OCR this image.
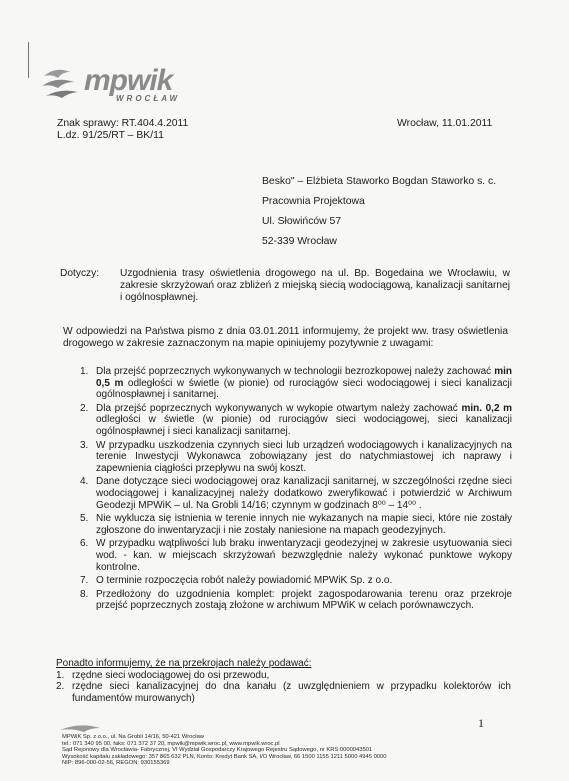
mpwik
WROCŁAW
Znak sprawy: RT.404.4.2011
L.dz. 91/25/RT – BK/11
Wrocław, 11.01.2011
Besko" – Elżbieta Staworko Bogdan Staworko s. c.
Pracownia Projektowa
Ul. Słowińców 57
52-339 Wrocław
Dotyczy: Uzgodnienia trasy oświetlenia drogowego na ul. Bp. Bogedaina we Wrocławiu, w zakresie skrzyżowań oraz zbliżeń z miejską siecią wodociągową, kanalizacji sanitarnej i ogólnospławnej.
W odpowiedzi na Państwa pismo z dnia 03.01.2011 informujemy, że projekt ww. trasy oświetlenia drogowego w zakresie zaznaczonym na mapie opiniujemy pozytywnie z uwagami:
1. Dla przejść poprzecznych wykonywanych w technologii bezrozkopowej należy zachować min 0,5 m odległości w świetle (w pionie) od rurociągów sieci wodociągowej i sieci kanalizacji ogólnospławnej i sanitarnej.
2. Dla przejść poprzecznych wykonywanych w wykopie otwartym należy zachować min. 0,2 m odległości w świetle (w pionie) od rurociągów sieci wodociągowej, sieci kanalizacji ogólnospławnej i sieci kanalizacji sanitarnej.
3. W przypadku uszkodzenia czynnych sieci lub urządzeń wodociągowych i kanalizacyjnych na terenie Inwestycji Wykonawca zobowiązany jest do natychmiastowej ich naprawy i zapewnienia ciągłości przepływu na swój koszt.
4. Dane dotyczące sieci wodociągowej oraz kanalizacji sanitarnej, w szczególności rzędne sieci wodociągowej i kanalizacyjnej należy dodatkowo zweryfikować i potwierdzić w Archiwum Geodezji MPWiK – ul. Na Grobli 14/16; czynnym w godzinach 8⁰⁰ – 14⁰⁰ .
5. Nie wyklucza się istnienia w terenie innych nie wykazanych na mapie sieci, które nie zostały zgłoszone do inwentaryzacji i nie zostały naniesione na mapach geodezyjnych.
6. W przypadku wątpliwości lub braku inwentaryzacji geodezyjnej w zakresie usytuowania sieci wod. - kan. w miejscach skrzyżowań bezwzględnie należy wykonać punktowe wykopy kontrolne.
7. O terminie rozpoczęcia robót należy powiadomić MPWiK Sp. z o.o.
8. Przedłożony do uzgodnienia komplet: projekt zagospodarowania terenu oraz przekroje przejść poprzecznych zostają złożone w archiwum MPWiK w celach porównawczych.
Ponadto informujemy, że na przekrojach należy podawać:
1. rzędne sieci wodociągowej do osi przewodu,
2. rzędne sieci kanalizacyjnej do dna kanału (z uwzględnieniem w przypadku kolektorów ich fundamentów murowanych)
1
MPWiK Sp. z o.o., ul. Na Grobli 14/16, 50-421 Wrocław
tel.: 071 340 95 00, faks: 071 372 37 20, mpwik@mpwik.wroc.pl, www.mpwik.wroc.pl
Sąd Rejonowy dla Wrocławia- Fabrycznej, VI Wydział Gospodarczy Krajowego Rejestru Sądowego, nr KRS:0000043501
Wysokość kapitału zakładowego: 357 865 632 PLN, Konto: Kredyt Bank SA, I/O Wrocław, 66 1500 1155 1211 5000 4945 0000
NIP: 896-000-02-56, REGON: 930155369
